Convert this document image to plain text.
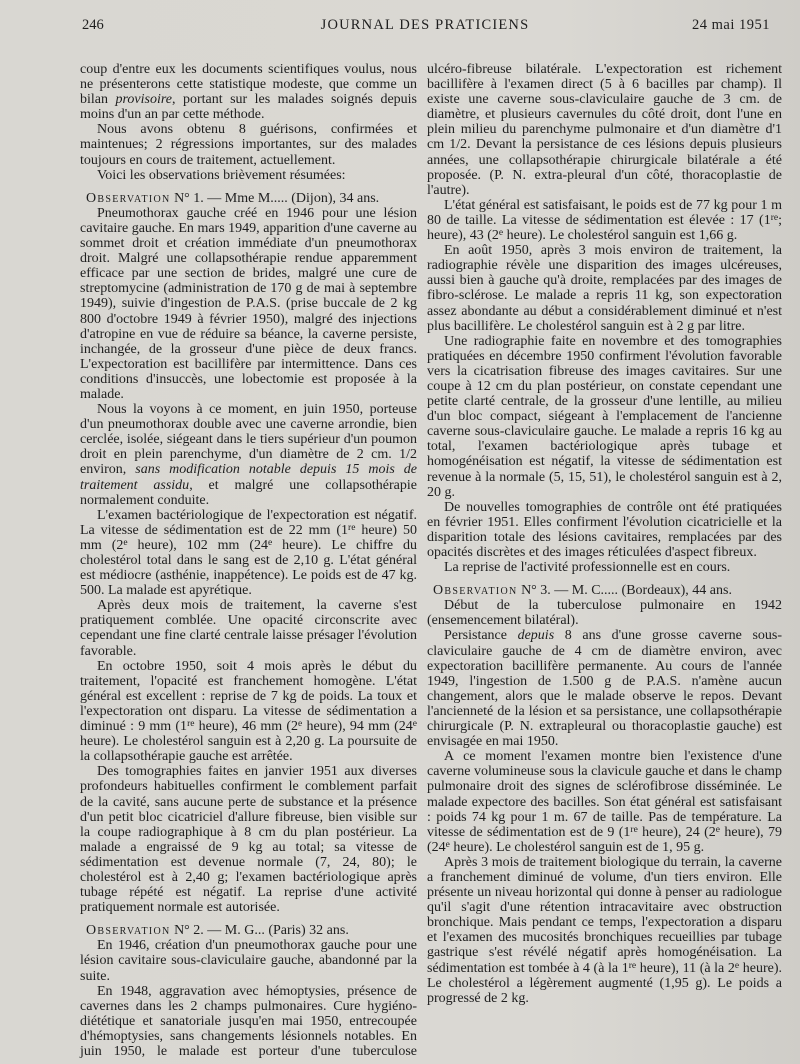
246	JOURNAL DES PRATICIENS	24 mai 1951

coup d'entre eux les documents scientifiques voulus, nous ne présenterons cette statistique modeste, que comme un bilan provisoire, portant sur les malades soignés depuis moins d'un an par cette méthode.

Nous avons obtenu 8 guérisons, confirmées et maintenues; 2 régressions importantes, sur des malades toujours en cours de traitement, actuellement.

Voici les observations brièvement résumées:

Observation N° 1. — Mme M..... (Dijon), 34 ans.

Pneumothorax gauche créé en 1946 pour une lésion cavitaire gauche. En mars 1949, apparition d'une caverne au sommet droit et création immédiate d'un pneumothorax droit. Malgré une collapsothérapie rendue apparemment efficace par une section de brides, malgré une cure de streptomycine (administration de 170 g de mai à septembre 1949), suivie d'ingestion de P.A.S. (prise buccale de 2 kg 800 d'octobre 1949 à février 1950), malgré des injections d'atropine en vue de réduire sa béance, la caverne persiste, inchangée, de la grosseur d'une pièce de deux francs. L'expectoration est bacillifère par intermittence. Dans ces conditions d'insuccès, une lobectomie est proposée à la malade.

Nous la voyons à ce moment, en juin 1950, porteuse d'un pneumothorax double avec une caverne arrondie, bien cerclée, isolée, siégeant dans le tiers supérieur d'un poumon droit en plein parenchyme, d'un diamètre de 2 cm. 1/2 environ, sans modification notable depuis 15 mois de traitement assidu, et malgré une collapsothérapie normalement conduite.

L'examen bactériologique de l'expectoration est négatif. La vitesse de sédimentation est de 22 mm (1re heure) 50 mm (2e heure), 102 mm (24e heure). Le chiffre du cholestérol total dans le sang est de 2,10 g. L'état général est médiocre (asthénie, inappétence). Le poids est de 47 kg. 500. La malade est apyrétique.

Après deux mois de traitement, la caverne s'est pratiquement comblée. Une opacité circonscrite avec cependant une fine clarté centrale laisse présager l'évolution favorable.

En octobre 1950, soit 4 mois après le début du traitement, l'opacité est franchement homogène. L'état général est excellent : reprise de 7 kg de poids. La toux et l'expectoration ont disparu. La vitesse de sédimentation a diminué : 9 mm (1re heure), 46 mm (2e heure), 94 mm (24e heure). Le cholestérol sanguin est à 2,20 g. La poursuite de la collapsothérapie gauche est arrêtée.

Des tomographies faites en janvier 1951 aux diverses profondeurs habituelles confirment le comblement parfait de la cavité, sans aucune perte de substance et la présence d'un petit bloc cicatriciel d'allure fibreuse, bien visible sur la coupe radiographique à 8 cm du plan postérieur. La malade a engraissé de 9 kg au total; sa vitesse de sédimentation est devenue normale (7, 24, 80); le cholestérol est à 2,40 g; l'examen bactériologique après tubage répété est négatif. La reprise d'une activité pratiquement normale est autorisée.

Observation N° 2. — M. G... (Paris) 32 ans.

En 1946, création d'un pneumothorax gauche pour une lésion cavitaire sous-claviculaire gauche, abandonné par la suite.

En 1948, aggravation avec hémoptysies, présence de cavernes dans les 2 champs pulmonaires. Cure hygiéno-diététique et sanatoriale jusqu'en mai 1950, entrecoupée d'hémoptysies, sans changements lésionnels notables. En juin 1950, le malade est porteur d'une tuberculose

ulcéro-fibreuse bilatérale. L'expectoration est richement bacillifère à l'examen direct (5 à 6 bacilles par champ). Il existe une caverne sous-claviculaire gauche de 3 cm. de diamètre, et plusieurs cavernules du côté droit, dont l'une en plein milieu du parenchyme pulmonaire et d'un diamètre d'1 cm 1/2. Devant la persistance de ces lésions depuis plusieurs années, une collapsothérapie chirurgicale bilatérale a été proposée. (P. N. extra-pleural d'un côté, thoracoplastie de l'autre).

L'état général est satisfaisant, le poids est de 77 kg pour 1 m 80 de taille. La vitesse de sédimentation est élevée : 17 (1re; heure), 43 (2e heure). Le cholestérol sanguin est 1,66 g.

En août 1950, après 3 mois environ de traitement, la radiographie révèle une disparition des images ulcéreuses, aussi bien à gauche qu'à droite, remplacées par des images de fibro-sclérose. Le malade a repris 11 kg, son expectoration assez abondante au début a considérablement diminué et n'est plus bacillifère. Le cholestérol sanguin est à 2 g par litre.

Une radiographie faite en novembre et des tomographies pratiquées en décembre 1950 confirment l'évolution favorable vers la cicatrisation fibreuse des images cavitaires. Sur une coupe à 12 cm du plan postérieur, on constate cependant une petite clarté centrale, de la grosseur d'une lentille, au milieu d'un bloc compact, siégeant à l'emplacement de l'ancienne caverne sous-claviculaire gauche. Le malade a repris 16 kg au total, l'examen bactériologique après tubage et homogénéisation est négatif, la vitesse de sédimentation est revenue à la normale (5, 15, 51), le cholestérol sanguin est à 2, 20 g.

De nouvelles tomographies de contrôle ont été pratiquées en février 1951. Elles confirment l'évolution cicatricielle et la disparition totale des lésions cavitaires, remplacées par des opacités discrètes et des images réticulées d'aspect fibreux.

La reprise de l'activité professionnelle est en cours.

Observation N° 3. — M. C..... (Bordeaux), 44 ans.

Début de la tuberculose pulmonaire en 1942 (ensemencement bilatéral).

Persistance depuis 8 ans d'une grosse caverne sous-claviculaire gauche de 4 cm de diamètre environ, avec expectoration bacillifère permanente. Au cours de l'année 1949, l'ingestion de 1.500 g de P.A.S. n'amène aucun changement, alors que le malade observe le repos. Devant l'ancienneté de la lésion et sa persistance, une collapsothérapie chirurgicale (P. N. extrapleural ou thoracoplastie gauche) est envisagée en mai 1950.

A ce moment l'examen montre bien l'existence d'une caverne volumineuse sous la clavicule gauche et dans le champ pulmonaire droit des signes de sclérofibrose disséminée. Le malade expectore des bacilles. Son état général est satisfaisant : poids 74 kg pour 1 m. 67 de taille. Pas de température. La vitesse de sédimentation est de 9 (1re heure), 24 (2e heure), 79 (24e heure). Le cholestérol sanguin est de 1, 95 g.

Après 3 mois de traitement biologique du terrain, la caverne a franchement diminué de volume, d'un tiers environ. Elle présente un niveau horizontal qui donne à penser au radiologue qu'il s'agit d'une rétention intracavitaire avec obstruction bronchique. Mais pendant ce temps, l'expectoration a disparu et l'examen des mucosités bronchiques recueillies par tubage gastrique s'est révélé négatif après homogénéisation. La sédimentation est tombée à 4 (à la 1re heure), 11 (à la 2e heure). Le cholestérol a légèrement augmenté (1,95 g). Le poids a progressé de 2 kg.
